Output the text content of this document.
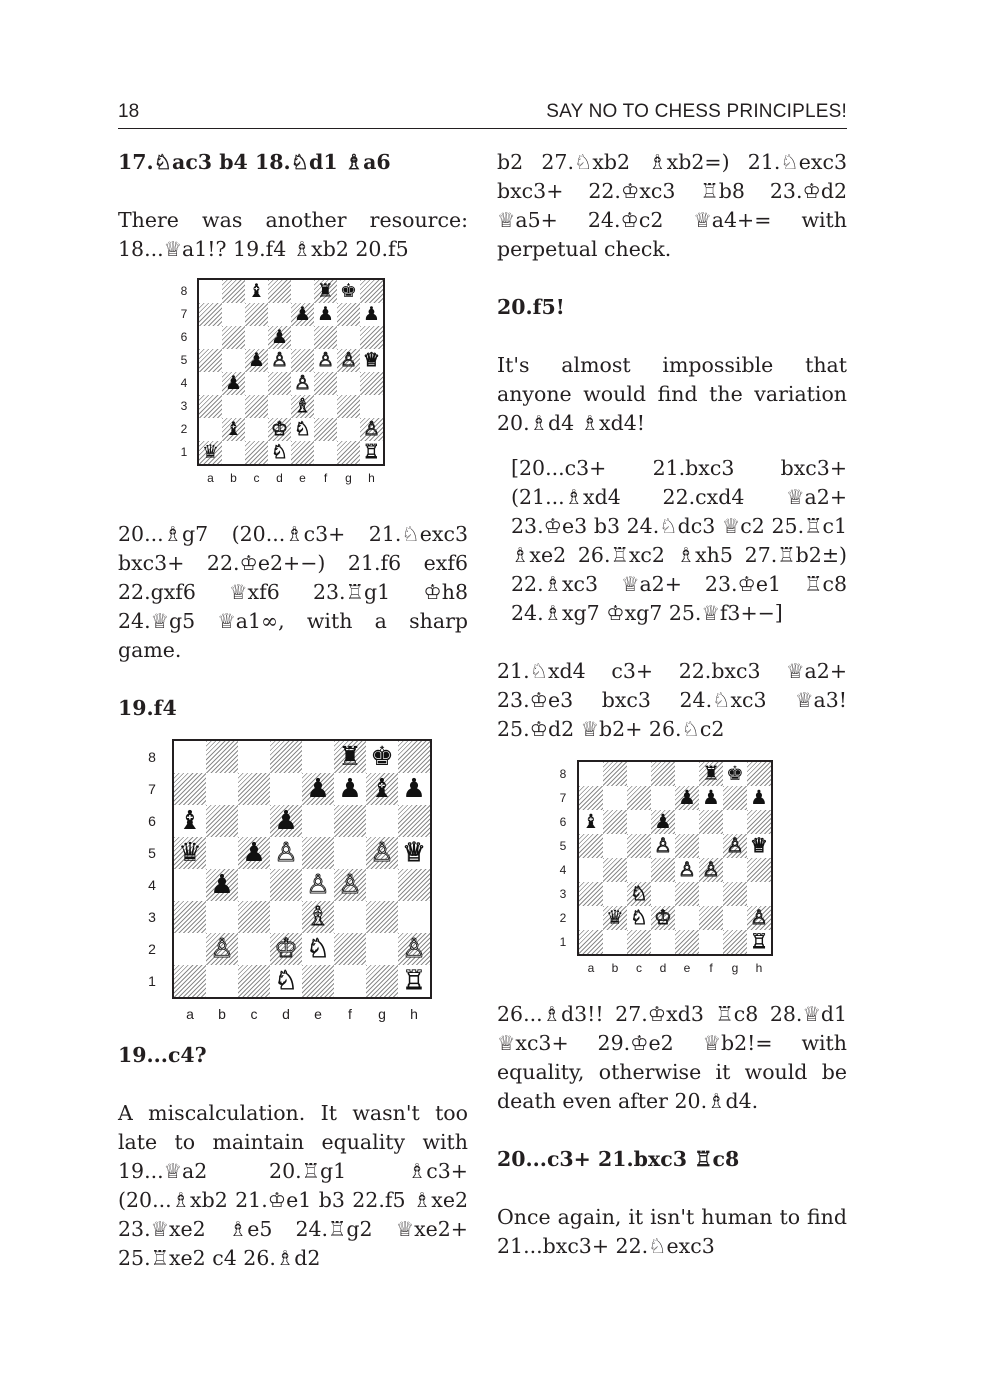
18	SAY NO TO CHESS PRINCIPLES!

17.♘ac3 b4 18.♘d1 ♗a6

There was another resource: 18...♕a1!? 19.f4 ♗xb2 20.f5

♝	♜ ♚
♟ ♟ ♟
♟
♟ ♙ ♙ ♙ ♕
♟	♙
♗
♝ ♔ ♘	♙
♛	♘	♖
8
7
6
5
4
3
2
1
a	b	c	d	e	f	g	h

20...♗g7 (20...♗c3+ 21.♘exc3 bxc3+ 22.♔e2+−) 21.f6 exf6 22.gxf6 ♕xf6 23.♖g1 ♔h8 24.♕g5 ♕a1∞, with a sharp game.

19.f4

♜ ♚
♟ ♟ ♝ ♟
♝	♟
♛ ♟ ♙	♙ ♕
♟	♙ ♙
♗
♙ ♔ ♘	♙
♘	♖
8
7
6
5
4
3
2
1
a	b	c	d	e	f	g	h

19...c4?

A miscalculation. It wasn't too late to maintain equality with 19...♕a2 20.♖g1 ♗c3+ (20...♗xb2 21.♔e1 b3 22.f5 ♗xe2 23.♕xe2 ♗e5 24.♖g2 ♕xe2+ 25.♖xe2 c4 26.♗d2

b2 27.♘xb2 ♗xb2=) 21.♘exc3 bxc3+ 22.♔xc3 ♖b8 23.♔d2 ♕a5+ 24.♔c2 ♕a4+= with perpetual check.

20.f5!

It's almost impossible that anyone would find the variation 20.♗d4 ♗xd4!

[20...c3+ 21.bxc3 bxc3+ (21...♗xd4 22.cxd4 ♕a2+ 23.♔e3 b3 24.♘dc3 ♕c2 25.♖c1 ♗xe2 26.♖xc2 ♗xh5 27.♖b2±) 22.♗xc3 ♕a2+ 23.♔e1 ♖c8 24.♗xg7 ♔xg7 25.♕f3+−]

21.♘xd4 c3+ 22.bxc3 ♕a2+ 23.♔e3 bxc3 24.♘xc3 ♕a3! 25.♔d2 ♕b2+ 26.♘c2

♜ ♚
♟ ♟ ♟
♝	♟
♙	♙ ♕
♙ ♙
♘
♛ ♘ ♔	♙
♖
8
7
6
5
4
3
2
1
a	b	c	d	e	f	g	h

26...♗d3!! 27.♔xd3 ♖c8 28.♕d1 ♕xc3+ 29.♔e2 ♕b2!= with equality, otherwise it would be death even after 20.♗d4.

20...c3+ 21.bxc3 ♖c8

Once again, it isn't human to find 21...bxc3+ 22.♘exc3
